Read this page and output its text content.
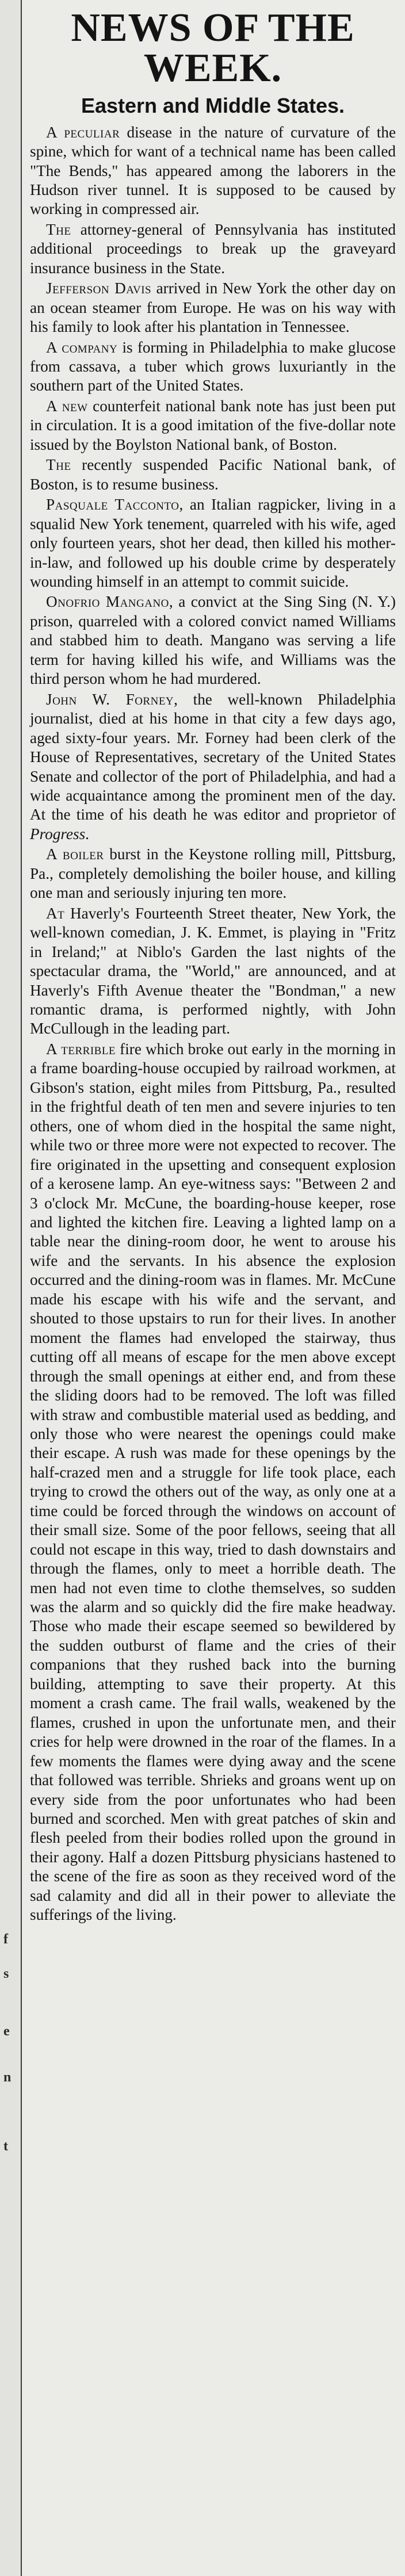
f
s
e
n
t
NEWS OF THE WEEK.
Eastern and Middle States.

A peculiar disease in the nature of curvature of the spine, which for want of a technical name has been called "The Bends," has appeared among the laborers in the Hudson river tunnel. It is supposed to be caused by working in compressed air.

The attorney-general of Pennsylvania has instituted additional proceedings to break up the graveyard insurance business in the State.

Jefferson Davis arrived in New York the other day on an ocean steamer from Europe. He was on his way with his family to look after his plantation in Tennessee.

A company is forming in Philadelphia to make glucose from cassava, a tuber which grows luxuriantly in the southern part of the United States.

A new counterfeit national bank note has just been put in circulation. It is a good imitation of the five-dollar note issued by the Boylston National bank, of Boston.

The recently suspended Pacific National bank, of Boston, is to resume business.

Pasquale Tacconto, an Italian ragpicker, living in a squalid New York tenement, quarreled with his wife, aged only fourteen years, shot her dead, then killed his mother-in-law, and followed up his double crime by desperately wounding himself in an attempt to commit suicide.

Onofrio Mangano, a convict at the Sing Sing (N. Y.) prison, quarreled with a colored convict named Williams and stabbed him to death. Mangano was serving a life term for having killed his wife, and Williams was the third person whom he had murdered.

John W. Forney, the well-known Philadelphia journalist, died at his home in that city a few days ago, aged sixty-four years. Mr. Forney had been clerk of the House of Representatives, secretary of the United States Senate and collector of the port of Philadelphia, and had a wide acquaintance among the prominent men of the day. At the time of his death he was editor and proprietor of Progress.

A boiler burst in the Keystone rolling mill, Pittsburg, Pa., completely demolishing the boiler house, and killing one man and seriously injuring ten more.

At Haverly's Fourteenth Street theater, New York, the well-known comedian, J. K. Emmet, is playing in "Fritz in Ireland;" at Niblo's Garden the last nights of the spectacular drama, the "World," are announced, and at Haverly's Fifth Avenue theater the "Bondman," a new romantic drama, is performed nightly, with John McCullough in the leading part.

A terrible fire which broke out early in the morning in a frame boarding-house occupied by railroad workmen, at Gibson's station, eight miles from Pittsburg, Pa., resulted in the frightful death of ten men and severe injuries to ten others, one of whom died in the hospital the same night, while two or three more were not expected to recover. The fire originated in the upsetting and consequent explosion of a kerosene lamp. An eye-witness says: "Between 2 and 3 o'clock Mr. McCune, the boarding-house keeper, rose and lighted the kitchen fire. Leaving a lighted lamp on a table near the dining-room door, he went to arouse his wife and the servants. In his absence the explosion occurred and the dining-room was in flames. Mr. McCune made his escape with his wife and the servant, and shouted to those upstairs to run for their lives. In another moment the flames had enveloped the stairway, thus cutting off all means of escape for the men above except through the small openings at either end, and from these the sliding doors had to be removed. The loft was filled with straw and combustible material used as bedding, and only those who were nearest the openings could make their escape. A rush was made for these openings by the half-crazed men and a struggle for life took place, each trying to crowd the others out of the way, as only one at a time could be forced through the windows on account of their small size. Some of the poor fellows, seeing that all could not escape in this way, tried to dash downstairs and through the flames, only to meet a horrible death. The men had not even time to clothe themselves, so sudden was the alarm and so quickly did the fire make headway. Those who made their escape seemed so bewildered by the sudden outburst of flame and the cries of their companions that they rushed back into the burning building, attempting to save their property. At this moment a crash came. The frail walls, weakened by the flames, crushed in upon the unfortunate men, and their cries for help were drowned in the roar of the flames. In a few moments the flames were dying away and the scene that followed was terrible. Shrieks and groans went up on every side from the poor unfortunates who had been burned and scorched. Men with great patches of skin and flesh peeled from their bodies rolled upon the ground in their agony. Half a dozen Pittsburg physicians hastened to the scene of the fire as soon as they received word of the sad calamity and did all in their power to alleviate the sufferings of the living.
